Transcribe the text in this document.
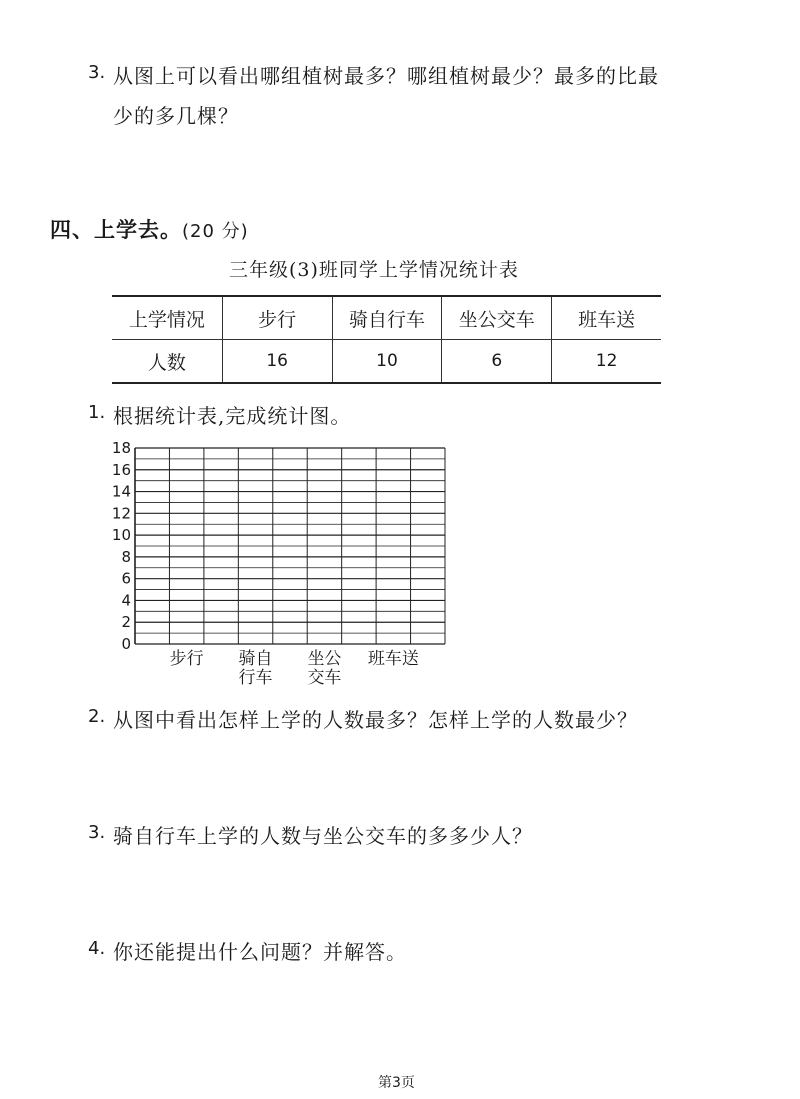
3. 从图上可以看出哪组植树最多？哪组植树最少？最多的比最
少的多几棵？
四、上学去。(20 分)
三年级(3)班同学上学情况统计表
上学情况	步行	骑自行车	坐公交车	班车送
人数	16	10	6	12
1. 根据统计表,完成统计图。
18
16
14
12
10
8
6
4
2
0
步行 骑自
行车
坐公
交车
班车送
2. 从图中看出怎样上学的人数最多？怎样上学的人数最少？
3. 骑自行车上学的人数与坐公交车的多多少人？
4. 你还能提出什么问题？并解答。
第3页
